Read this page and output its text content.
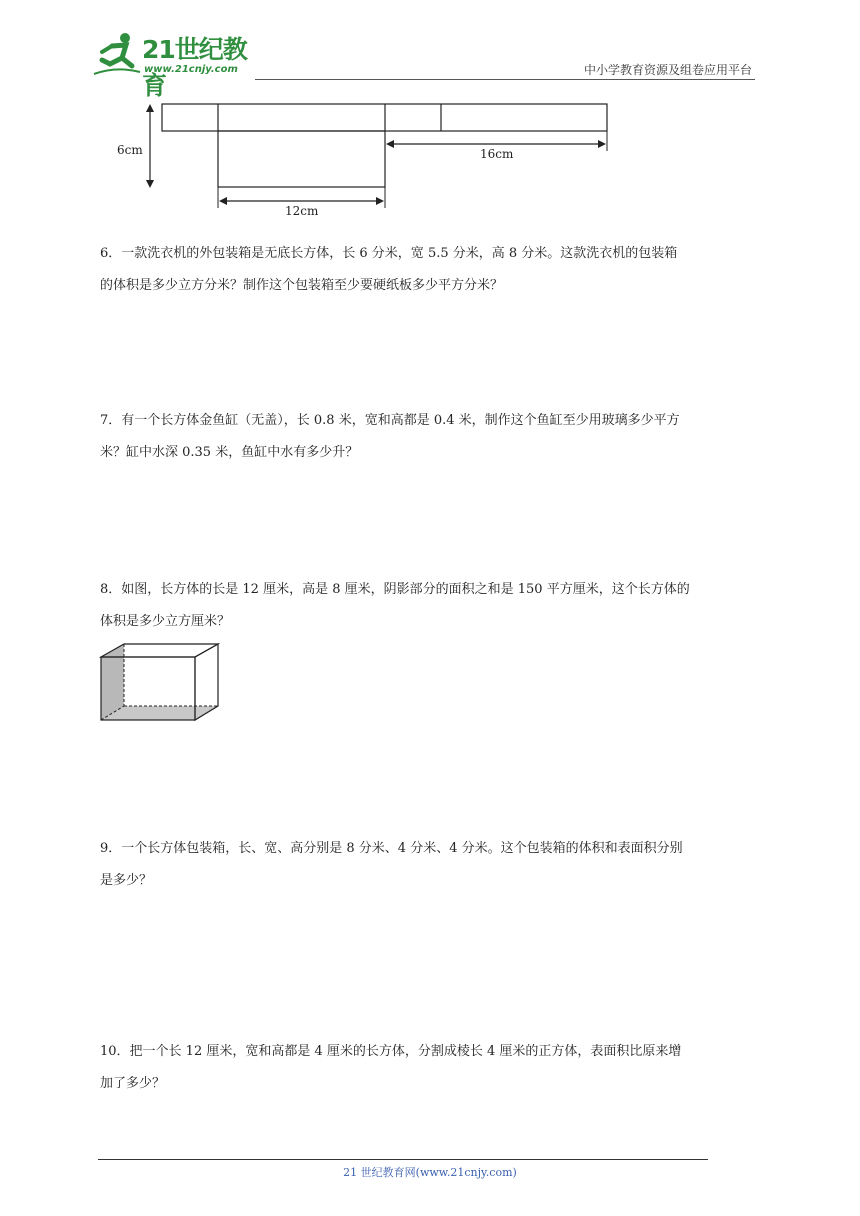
21世纪教育
www.21cnjy.com	中小学教育资源及组卷应用平台
6cm	16cm
12cm
6．一款洗衣机的外包装箱是无底长方体，长 6 分米，宽 5.5 分米，高 8 分米。这款洗衣机的包装箱
的体积是多少立方分米？制作这个包装箱至少要硬纸板多少平方分米？
7．有一个长方体金鱼缸（无盖），长 0.8 米，宽和高都是 0.4 米，制作这个鱼缸至少用玻璃多少平方
米？缸中水深 0.35 米，鱼缸中水有多少升？
8．如图，长方体的长是 12 厘米，高是 8 厘米，阴影部分的面积之和是 150 平方厘米，这个长方体的
体积是多少立方厘米？
9．一个长方体包装箱，长、宽、高分别是 8 分米、4 分米、4 分米。这个包装箱的体积和表面积分别
是多少？
10．把一个长 12 厘米，宽和高都是 4 厘米的长方体，分割成棱长 4 厘米的正方体，表面积比原来增
加了多少？
21 世纪教育网(www.21cnjy.com)
